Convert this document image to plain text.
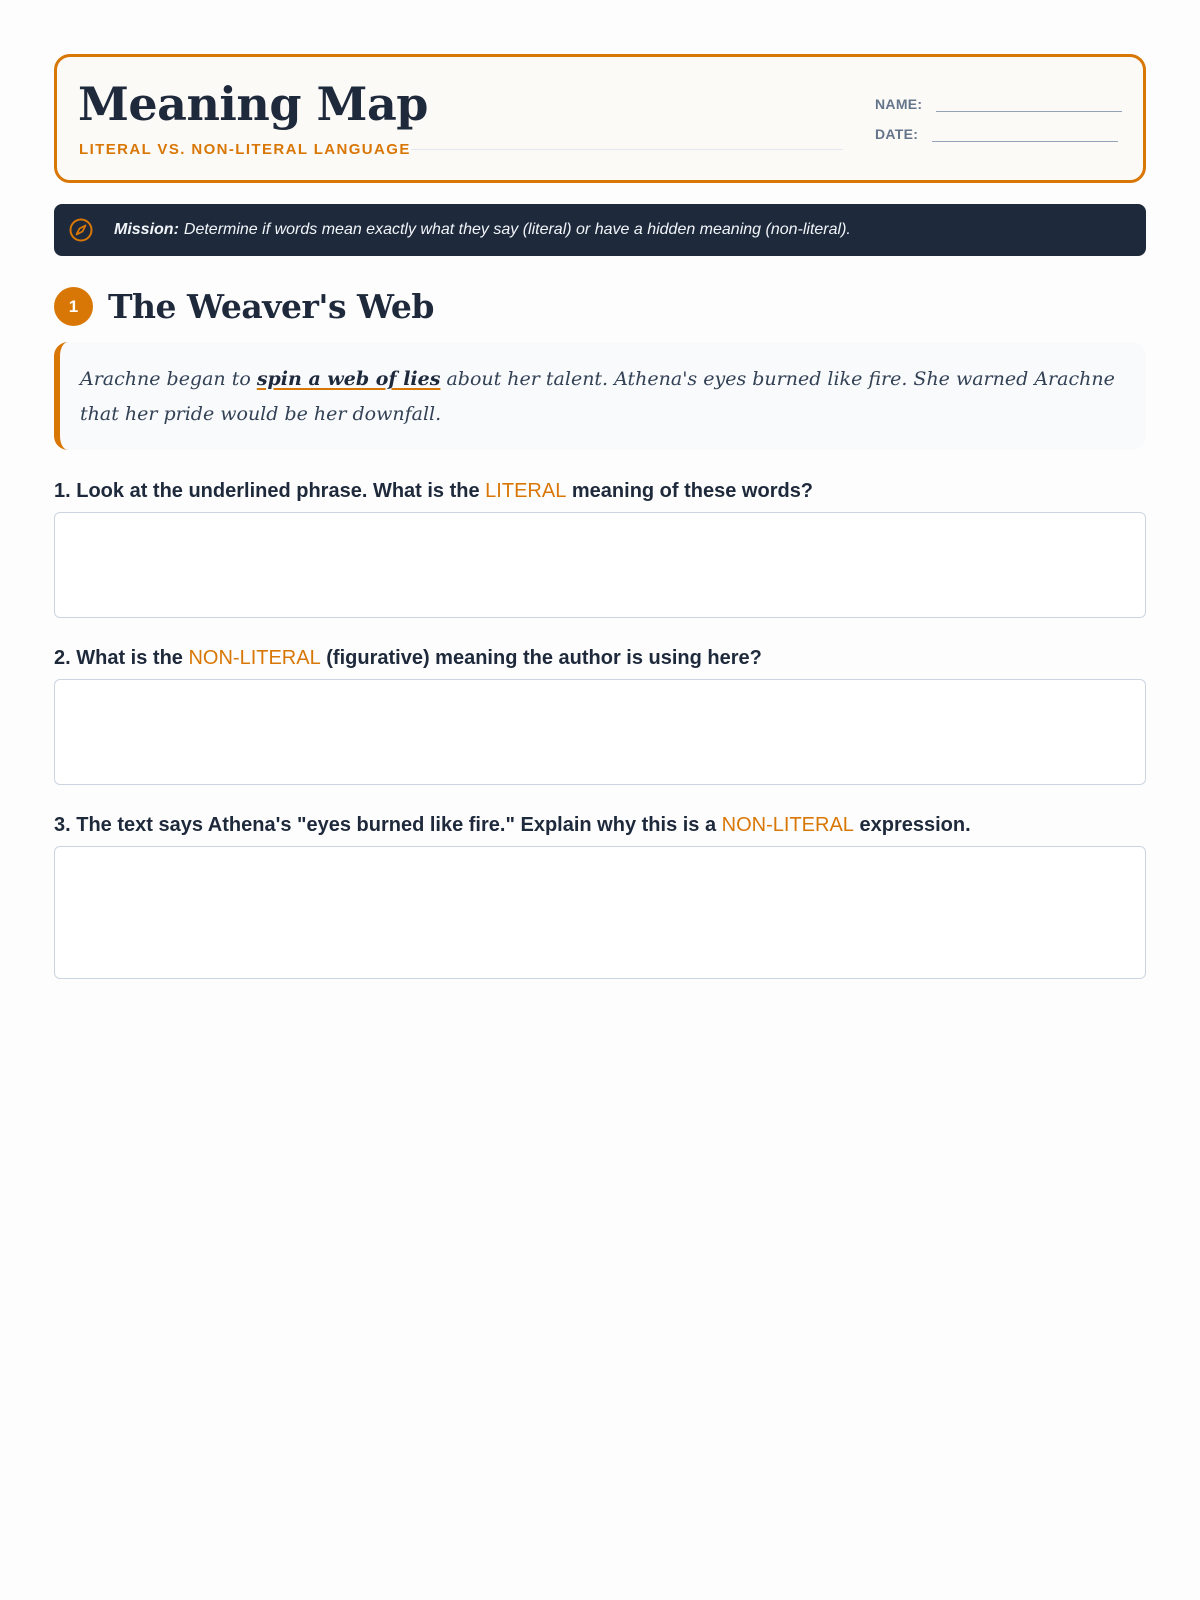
Meaning Map
LITERAL VS. NON-LITERAL LANGUAGE
NAME:
DATE:
Mission: Determine if words mean exactly what they say (literal) or have a hidden meaning (non-literal).
1 The Weaver's Web
Arachne began to spin a web of lies about her talent. Athena's eyes burned like fire. She warned Arachne that her pride would be her downfall.
1. Look at the underlined phrase. What is the LITERAL meaning of these words?
2. What is the NON-LITERAL (figurative) meaning the author is using here?
3. The text says Athena's "eyes burned like fire." Explain why this is a NON-LITERAL expression.
